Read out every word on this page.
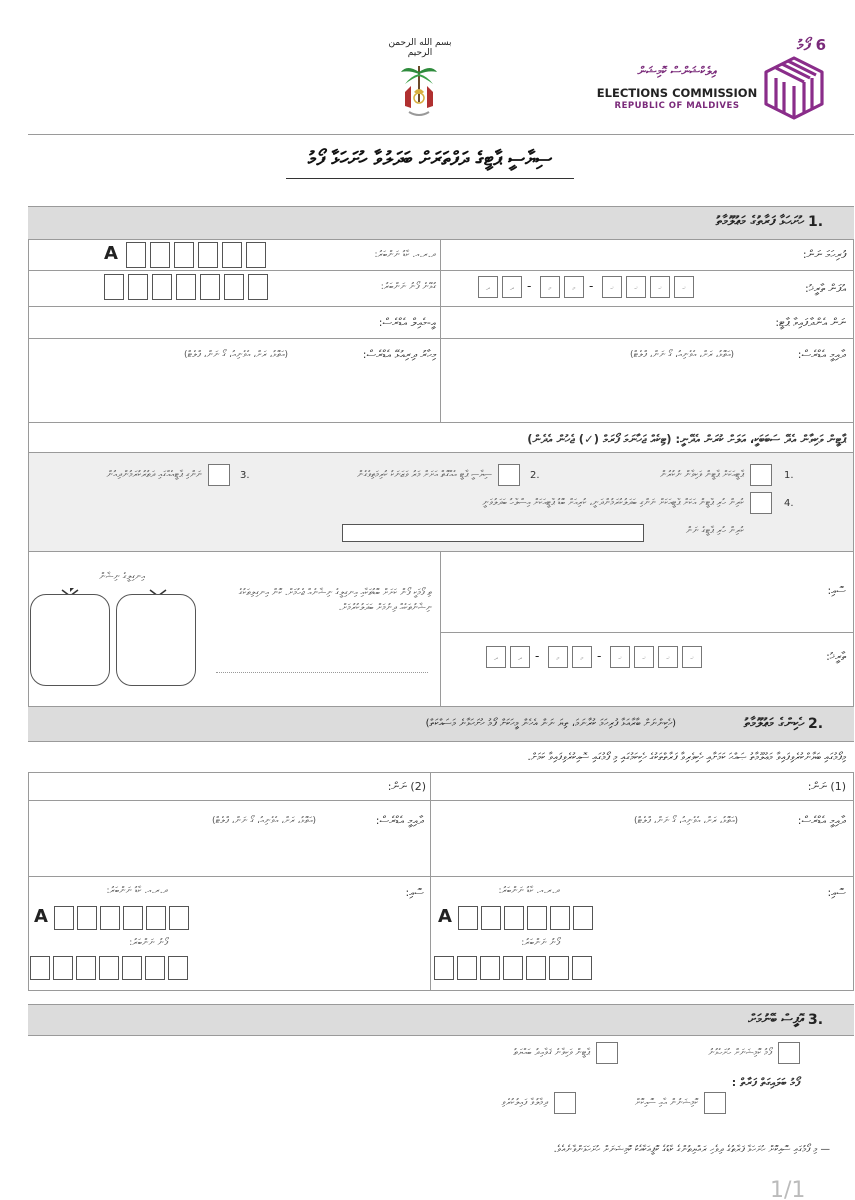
بسم الله الرحمن الرحيم	6 ފޯމު
އިލެކްޝަންސް ކޮމިޝަން
ELECTIONS COMMISSION
REPUBLIC OF MALDIVES
ސިޔާސީ ޕާޓީގެ ދަފްތަރަށް ބަދަލުވާ ހުށަހަޅާ ފޯމު
1.
ހުށަހަޅާ ފަރާތުގެ މަޢުލޫމާތު
ފުރިހަމަ ނަން:
ދ.ރ.އ. ކާޑު ނަންބަރު:
A
އުފަން ތާރީޚު:
ދ	ދ	-	މ	މ	-	ޚ	ޚ	ޚ	ޚ
ގުޅޭނެ ފޯނު ނަންބަރު:
ނަން އެންދާފައިވާ ޕާޓީ:
އީ-މެއިލް އެޑްރެސް:
ދާއިމީ އެޑްރެސް:
(އަތޮޅު، ރަށް، އެވެނިއު، ގޯ ނަން، ފްލެޓް)
މިހާރު ދިރިއުޅޭ އެޑްރެސް:
(އަތޮޅު، ރަށް، އެވެނިއު، ގޯ ނަން، ފްލެޓް)
ޕާޓީން ވަކިވާން އެދޭ ސަބަބަކީ، އަލަށް ކުރަން އެދޭނީ: (ޓިކެއް ޖަހާނަމަ ފޯރަމް (✓) ޖެހުން އެދެން)
1.
ޕާޓީއަކަށް ޕާޓީން ވަކިވާން ނުކުރުން
2.
ސިޔާސީ ޕާޓީ އެއްގޮތް އަށަށް މަރު ވަޒަނަކު ކުރިމަތިވެގެން
3.
ނަންގި ޕާޓީއެއްގައި ދަތުރުކުރަމުންދިއުން
4.
ކުރިން ހުރި ޕާޓީން އަކަށް ޕާޓީއަކަށް ނަންގި ބަދަލުކުރަމުންދަނީ، ކުރިއަށް ބޮޑު ޕާޓީއަކަށް އިސްލާހު ބަދަލުވަނީ
ކުރިން ހުރި ޕާޓީގެ ނަން
ސޮއި:
ތާރީޚު:
ދ	ދ	-	މ	މ	-	ޚ	ޚ	ޚ	ޚ
ތި ފޯމަކީ ފޯން ކަށަށް ބޮޑުތަކާއި އިނގިލީގެ ނިޝާނެއް ޖެހުމަށް. ކޮން އިނގިލިތަކުގެ ނިޝާނުތަކެއް ދިނުމަށް ބަދަލުކުރުމަށް.
އިނގިލީގެ ނިޝާން
2.
ހެކިންގެ މަޢުލޫމާތު
(ހެކިންނަށް ބާރާއަޅާ ފުރިހަމަ ކުރާނަމަ، ތިޔަ ނަން އެހެން މީހަކަށް ފޯމު ހުށަހަޅާނެ މަސައްކަތް)
މިފޯމުގައި ބަޔާންކުރެވިފައިވާ މަޢުލޫމާތު ޞައްޙަ ކަމަށާއި ހެކިވެރިވާ ފަރާތްތަކުގެ ހެކިކަމުގައި މި ފޯމުގައި ސޮއިކުރެވިފައިވާ ކަމަށް.
(1) ނަން:
ދާއިމީ އެޑްރެސް:
(އަތޮޅު، ރަށް، އެވެނިއު، ގޯ ނަން، ފްލެޓް)
ސޮއި:
ދ.ރ.އ. ކާޑު ނަންބަރު:
A
ފޯނު ނަންބަރު:
(2) ނަން:
ދާއިމީ އެޑްރެސް:
(އަތޮޅު، ރަށް، އެވެނިއު، ގޯ ނަން، ފްލެޓް)
ސޮއި:
ދ.ރ.އ. ކާޑު ނަންބަރު:
A
ފޯނު ނަންބަރު:
3.
އޮފީސް ބޭނުމަށް
ފޯމު ކޮމިޝަނަށް ހުށަހެޅުނު
ޕާޓީން ވަކިވާނެ ޤަވާއިދު ބައްޔަތު
ފޯމު ބަލައިގަތް ފަރާތް :
ކޮމިޝަނުން އާއި ސޮއިކޮށް
ދިމާލުވާ ފައިލުކުރެވި
— މި ފޯމުގައި ސޮއިކޮށް ހުށަހަޅާ ފަރާތުގެ ދިވެހި ރައްޔިތުންގެ ކާޑުގެ ކޮޕީއަކާއެކު ކޮމިޝަނަށް ހުށަހަޅަންވާނެއެވެ.
1/1
